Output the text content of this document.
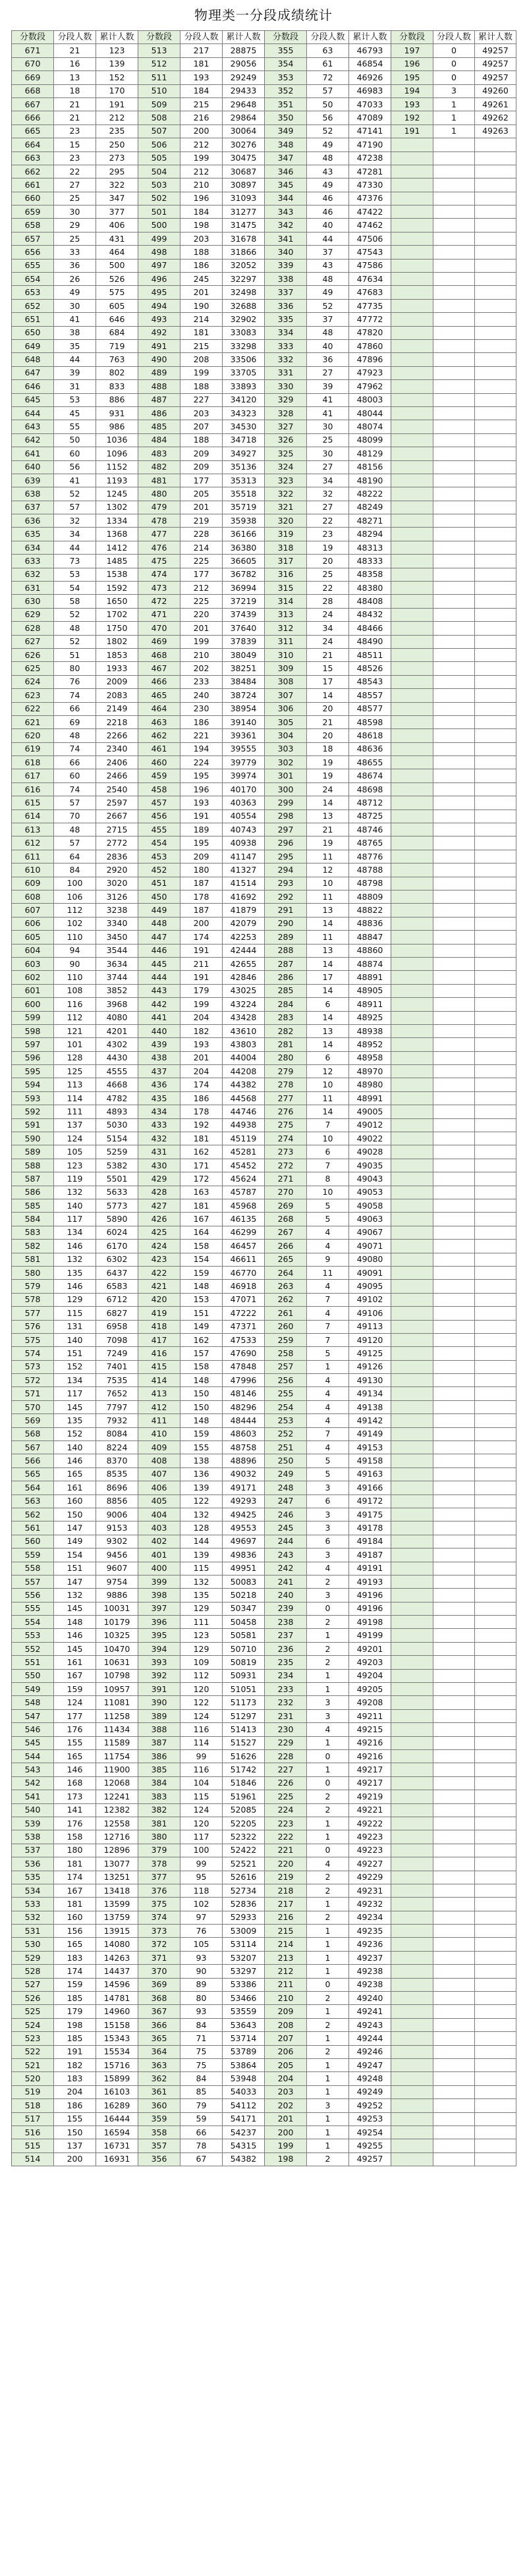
物理类一分段成绩统计
分数段	分段人数	累计人数	分数段	分段人数	累计人数	分数段	分段人数	累计人数	分数段	分段人数	累计人数
671	21	123	513	217	28875	355	63	46793	197	0	49257
670	16	139	512	181	29056	354	61	46854	196	0	49257
669	13	152	511	193	29249	353	72	46926	195	0	49257
668	18	170	510	184	29433	352	57	46983	194	3	49260
667	21	191	509	215	29648	351	50	47033	193	1	49261
666	21	212	508	216	29864	350	56	47089	192	1	49262
665	23	235	507	200	30064	349	52	47141	191	1	49263
664	15	250	506	212	30276	348	49	47190			
663	23	273	505	199	30475	347	48	47238			
662	22	295	504	212	30687	346	43	47281			
661	27	322	503	210	30897	345	49	47330			
660	25	347	502	196	31093	344	46	47376			
659	30	377	501	184	31277	343	46	47422			
658	29	406	500	198	31475	342	40	47462			
657	25	431	499	203	31678	341	44	47506			
656	33	464	498	188	31866	340	37	47543			
655	36	500	497	186	32052	339	43	47586			
654	26	526	496	245	32297	338	48	47634			
653	49	575	495	201	32498	337	49	47683			
652	30	605	494	190	32688	336	52	47735			
651	41	646	493	214	32902	335	37	47772			
650	38	684	492	181	33083	334	48	47820			
649	35	719	491	215	33298	333	40	47860			
648	44	763	490	208	33506	332	36	47896			
647	39	802	489	199	33705	331	27	47923			
646	31	833	488	188	33893	330	39	47962			
645	53	886	487	227	34120	329	41	48003			
644	45	931	486	203	34323	328	41	48044			
643	55	986	485	207	34530	327	30	48074			
642	50	1036	484	188	34718	326	25	48099			
641	60	1096	483	209	34927	325	30	48129			
640	56	1152	482	209	35136	324	27	48156			
639	41	1193	481	177	35313	323	34	48190			
638	52	1245	480	205	35518	322	32	48222			
637	57	1302	479	201	35719	321	27	48249			
636	32	1334	478	219	35938	320	22	48271			
635	34	1368	477	228	36166	319	23	48294			
634	44	1412	476	214	36380	318	19	48313			
633	73	1485	475	225	36605	317	20	48333			
632	53	1538	474	177	36782	316	25	48358			
631	54	1592	473	212	36994	315	22	48380			
630	58	1650	472	225	37219	314	28	48408			
629	52	1702	471	220	37439	313	24	48432			
628	48	1750	470	201	37640	312	34	48466			
627	52	1802	469	199	37839	311	24	48490			
626	51	1853	468	210	38049	310	21	48511			
625	80	1933	467	202	38251	309	15	48526			
624	76	2009	466	233	38484	308	17	48543			
623	74	2083	465	240	38724	307	14	48557			
622	66	2149	464	230	38954	306	20	48577			
621	69	2218	463	186	39140	305	21	48598			
620	48	2266	462	221	39361	304	20	48618			
619	74	2340	461	194	39555	303	18	48636			
618	66	2406	460	224	39779	302	19	48655			
617	60	2466	459	195	39974	301	19	48674			
616	74	2540	458	196	40170	300	24	48698			
615	57	2597	457	193	40363	299	14	48712			
614	70	2667	456	191	40554	298	13	48725			
613	48	2715	455	189	40743	297	21	48746			
612	57	2772	454	195	40938	296	19	48765			
611	64	2836	453	209	41147	295	11	48776			
610	84	2920	452	180	41327	294	12	48788			
609	100	3020	451	187	41514	293	10	48798			
608	106	3126	450	178	41692	292	11	48809			
607	112	3238	449	187	41879	291	13	48822			
606	102	3340	448	200	42079	290	14	48836			
605	110	3450	447	174	42253	289	11	48847			
604	94	3544	446	191	42444	288	13	48860			
603	90	3634	445	211	42655	287	14	48874			
602	110	3744	444	191	42846	286	17	48891			
601	108	3852	443	179	43025	285	14	48905			
600	116	3968	442	199	43224	284	6	48911			
599	112	4080	441	204	43428	283	14	48925			
598	121	4201	440	182	43610	282	13	48938			
597	101	4302	439	193	43803	281	14	48952			
596	128	4430	438	201	44004	280	6	48958			
595	125	4555	437	204	44208	279	12	48970			
594	113	4668	436	174	44382	278	10	48980			
593	114	4782	435	186	44568	277	11	48991			
592	111	4893	434	178	44746	276	14	49005			
591	137	5030	433	192	44938	275	7	49012			
590	124	5154	432	181	45119	274	10	49022			
589	105	5259	431	162	45281	273	6	49028			
588	123	5382	430	171	45452	272	7	49035			
587	119	5501	429	172	45624	271	8	49043			
586	132	5633	428	163	45787	270	10	49053			
585	140	5773	427	181	45968	269	5	49058			
584	117	5890	426	167	46135	268	5	49063			
583	134	6024	425	164	46299	267	4	49067			
582	146	6170	424	158	46457	266	4	49071			
581	132	6302	423	154	46611	265	9	49080			
580	135	6437	422	159	46770	264	11	49091			
579	146	6583	421	148	46918	263	4	49095			
578	129	6712	420	153	47071	262	7	49102			
577	115	6827	419	151	47222	261	4	49106			
576	131	6958	418	149	47371	260	7	49113			
575	140	7098	417	162	47533	259	7	49120			
574	151	7249	416	157	47690	258	5	49125			
573	152	7401	415	158	47848	257	1	49126			
572	134	7535	414	148	47996	256	4	49130			
571	117	7652	413	150	48146	255	4	49134			
570	145	7797	412	150	48296	254	4	49138			
569	135	7932	411	148	48444	253	4	49142			
568	152	8084	410	159	48603	252	7	49149			
567	140	8224	409	155	48758	251	4	49153			
566	146	8370	408	138	48896	250	5	49158			
565	165	8535	407	136	49032	249	5	49163			
564	161	8696	406	139	49171	248	3	49166			
563	160	8856	405	122	49293	247	6	49172			
562	150	9006	404	132	49425	246	3	49175			
561	147	9153	403	128	49553	245	3	49178			
560	149	9302	402	144	49697	244	6	49184			
559	154	9456	401	139	49836	243	3	49187			
558	151	9607	400	115	49951	242	4	49191			
557	147	9754	399	132	50083	241	2	49193			
556	132	9886	398	135	50218	240	3	49196			
555	145	10031	397	129	50347	239	0	49196			
554	148	10179	396	111	50458	238	2	49198			
553	146	10325	395	123	50581	237	1	49199			
552	145	10470	394	129	50710	236	2	49201			
551	161	10631	393	109	50819	235	2	49203			
550	167	10798	392	112	50931	234	1	49204			
549	159	10957	391	120	51051	233	1	49205			
548	124	11081	390	122	51173	232	3	49208			
547	177	11258	389	124	51297	231	3	49211			
546	176	11434	388	116	51413	230	4	49215			
545	155	11589	387	114	51527	229	1	49216			
544	165	11754	386	99	51626	228	0	49216			
543	146	11900	385	116	51742	227	1	49217			
542	168	12068	384	104	51846	226	0	49217			
541	173	12241	383	115	51961	225	2	49219			
540	141	12382	382	124	52085	224	2	49221			
539	176	12558	381	120	52205	223	1	49222			
538	158	12716	380	117	52322	222	1	49223			
537	180	12896	379	100	52422	221	0	49223			
536	181	13077	378	99	52521	220	4	49227			
535	174	13251	377	95	52616	219	2	49229			
534	167	13418	376	118	52734	218	2	49231			
533	181	13599	375	102	52836	217	1	49232			
532	160	13759	374	97	52933	216	2	49234			
531	156	13915	373	76	53009	215	1	49235			
530	165	14080	372	105	53114	214	1	49236			
529	183	14263	371	93	53207	213	1	49237			
528	174	14437	370	90	53297	212	1	49238			
527	159	14596	369	89	53386	211	0	49238			
526	185	14781	368	80	53466	210	2	49240			
525	179	14960	367	93	53559	209	1	49241			
524	198	15158	366	84	53643	208	2	49243			
523	185	15343	365	71	53714	207	1	49244			
522	191	15534	364	75	53789	206	2	49246			
521	182	15716	363	75	53864	205	1	49247			
520	183	15899	362	84	53948	204	1	49248			
519	204	16103	361	85	54033	203	1	49249			
518	186	16289	360	79	54112	202	3	49252			
517	155	16444	359	59	54171	201	1	49253			
516	150	16594	358	66	54237	200	1	49254			
515	137	16731	357	78	54315	199	1	49255			
514	200	16931	356	67	54382	198	2	49257			
